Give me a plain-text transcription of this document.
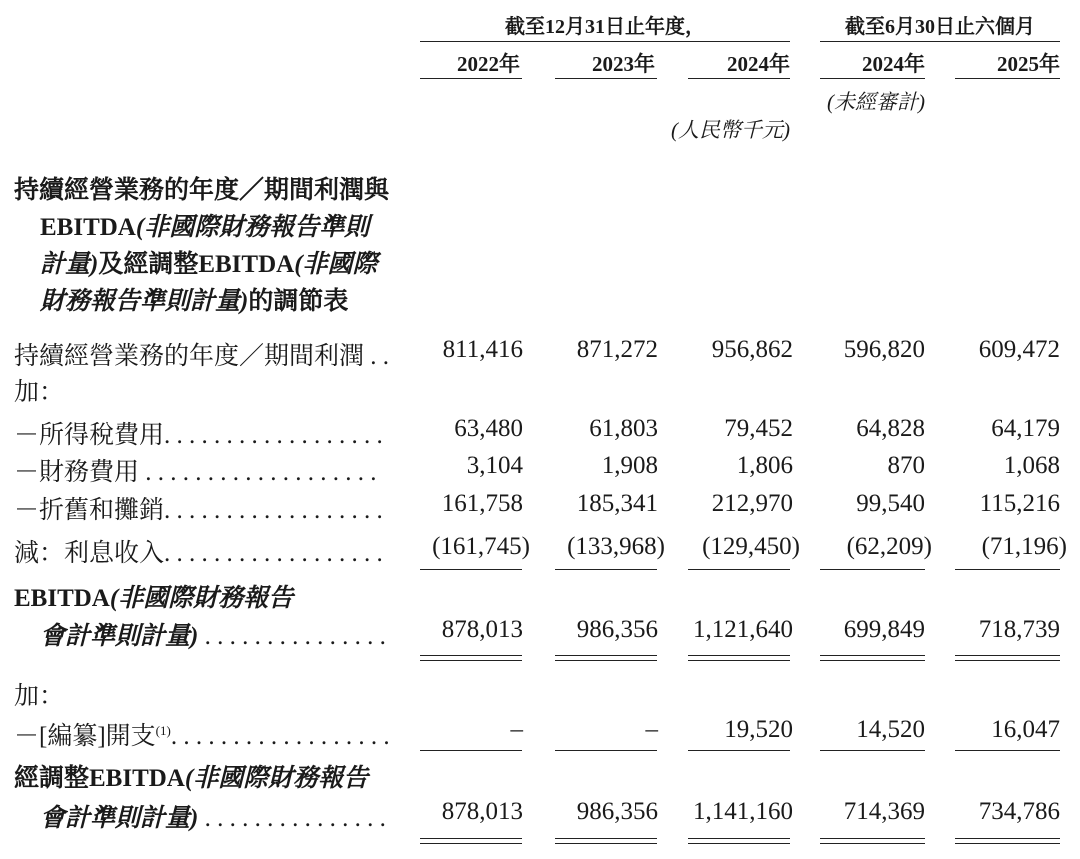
截至12月31日止年度，	截至6月30日止六個月
2022年	2023年	2024年	2024年	2025年
(未經審計)
(人民幣千元)
持續經營業務的年度／期間利潤與
EBITDA(非國際財務報告準則
計量)及經調整EBITDA(非國際
財務報告準則計量)的調節表
持續經營業務的年度／期間利潤 . .	811,416	871,272	956,862	596,820	609,472
加：
－所得稅費用. . . . . . . . . . . . . . . . . .	63,480	61,803	79,452	64,828	64,179
－財務費用 . . . . . . . . . . . . . . . . . . .	3,104	1,908	1,806	870	1,068
－折舊和攤銷. . . . . . . . . . . . . . . . . .	161,758	185,341	212,970	99,540	115,216
減：利息收入. . . . . . . . . . . . . . . . . .	(161,745)	(133,968)	(129,450)	(62,209)	(71,196)
EBITDA(非國際財務報告
會計準則計量) . . . . . . . . . . . . . . .	878,013	986,356	1,121,640	699,849	718,739
加：
－[編纂]開支$^{(1)}$. . . . . . . . . . . . . . . . . .	–	–	19,520	14,520	16,047
經調整EBITDA(非國際財務報告
會計準則計量) . . . . . . . . . . . . . . .	878,013	986,356	1,141,160	714,369	734,786
